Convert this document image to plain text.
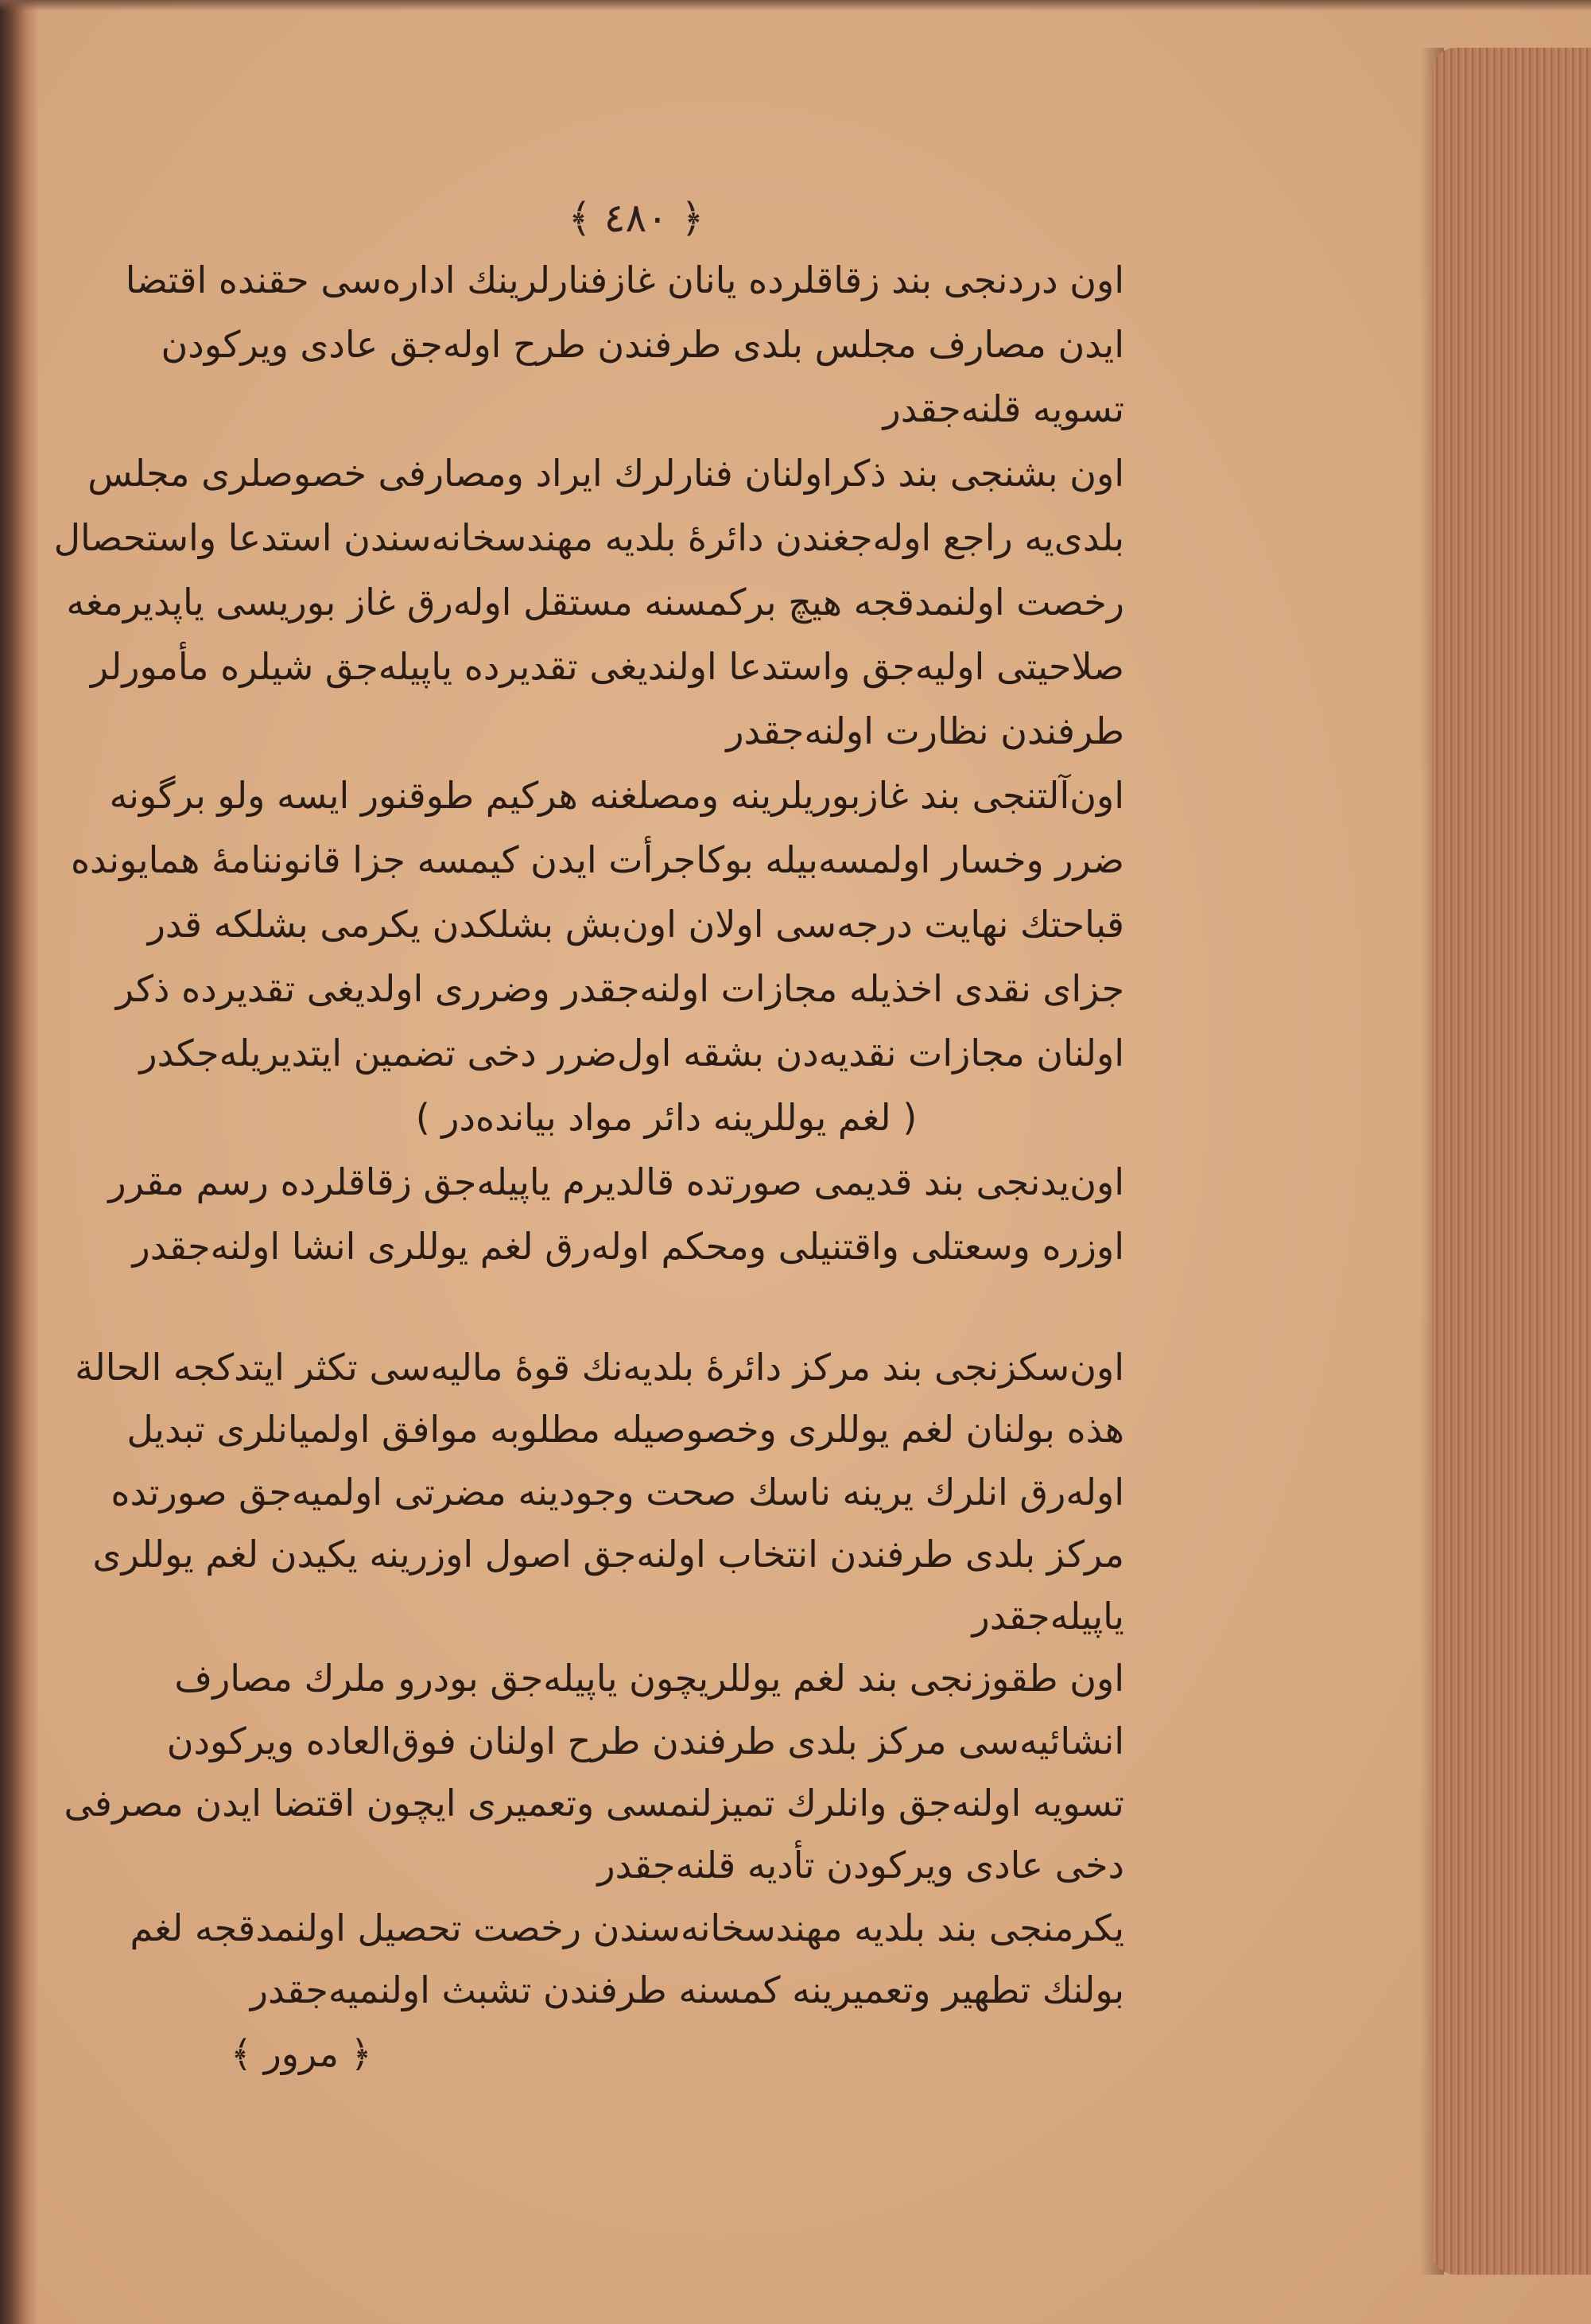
﴿ ٤٨٠ ﴾
اون دردنجی بند زقاقلرده یانان غازفنارلرینك اداره‌سی حقنده اقتضا
ایدن مصارف مجلس بلدی طرفندن طرح اوله‌جق عادی ویرکودن
تسویه قلنه‌جقدر
اون بشنجی بند ذکراولنان فنارلرك ایراد ومصارفی خصوصلری مجلس
بلدی‌یه راجع اوله‌جغندن دائرهٔ بلدیه مهندسخانه‌سندن استدعا واستحصال
رخصت اولنمدقجه هیچ برکمسنه مستقل اوله‌رق غاز بوریسی یاپدیرمغه
صلاحیتی اولیه‌جق واستدعا اولندیغی تقدیرده یاپیله‌جق شیلره مأمورلر
طرفندن نظارت اولنه‌جقدر
اون‌آلتنجی بند غازبوریلرینه ومصلغنه هرکیم طوقنور ایسه ولو برگونه
ضرر وخسار اولمسه‌بیله بوکاجرأت ایدن کیمسه جزا قانوننامهٔ همایونده
قباحتك نهایت درجه‌سی اولان اون‌بش بشلکدن یکرمی بشلکه قدر
جزای نقدی اخذیله مجازات اولنه‌جقدر وضرری اولدیغی تقدیرده ذکر
اولنان مجازات نقدیه‌دن بشقه اول‌ضرر دخی تضمین ایتدیریله‌جکدر
( لغم یوللرینه دائر مواد بیانده‌در )
اون‌یدنجی بند قدیمی صورتده قالدیرم یاپیله‌جق زقاقلرده رسم مقرر
اوزره وسعتلی واقتنیلی ومحکم اوله‌رق لغم یوللری انشا اولنه‌جقدر
اون‌سکزنجی بند مرکز دائرهٔ بلدیه‌نك قوهٔ مالیه‌سی تکثر ایتدکجه الحالة
هذه بولنان لغم یوللری وخصوصیله مطلوبه موافق اولمیانلری تبدیل
اوله‌رق انلرك یرینه ناسك صحت وجودینه مضرتی اولمیه‌جق صورتده
مرکز بلدی طرفندن انتخاب اولنه‌جق اصول اوزرینه یکیدن لغم یوللری
یاپیله‌جقدر
اون طقوزنجی بند لغم یوللریچون یاپیله‌جق بودرو ملرك مصارف
انشائیه‌سی مرکز بلدی طرفندن طرح اولنان فوق‌العاده ویرکودن
تسویه اولنه‌جق وانلرك تمیزلنمسی وتعمیری ایچون اقتضا ایدن مصرفی
دخی عادی ویرکودن تأدیه قلنه‌جقدر
یکرمنجی بند بلدیه مهندسخانه‌سندن رخصت تحصیل اولنمدقجه لغم
بولنك تطهیر وتعمیرینه کمسنه طرفندن تشبث اولنمیه‌جقدر
﴿ مرور ﴾
